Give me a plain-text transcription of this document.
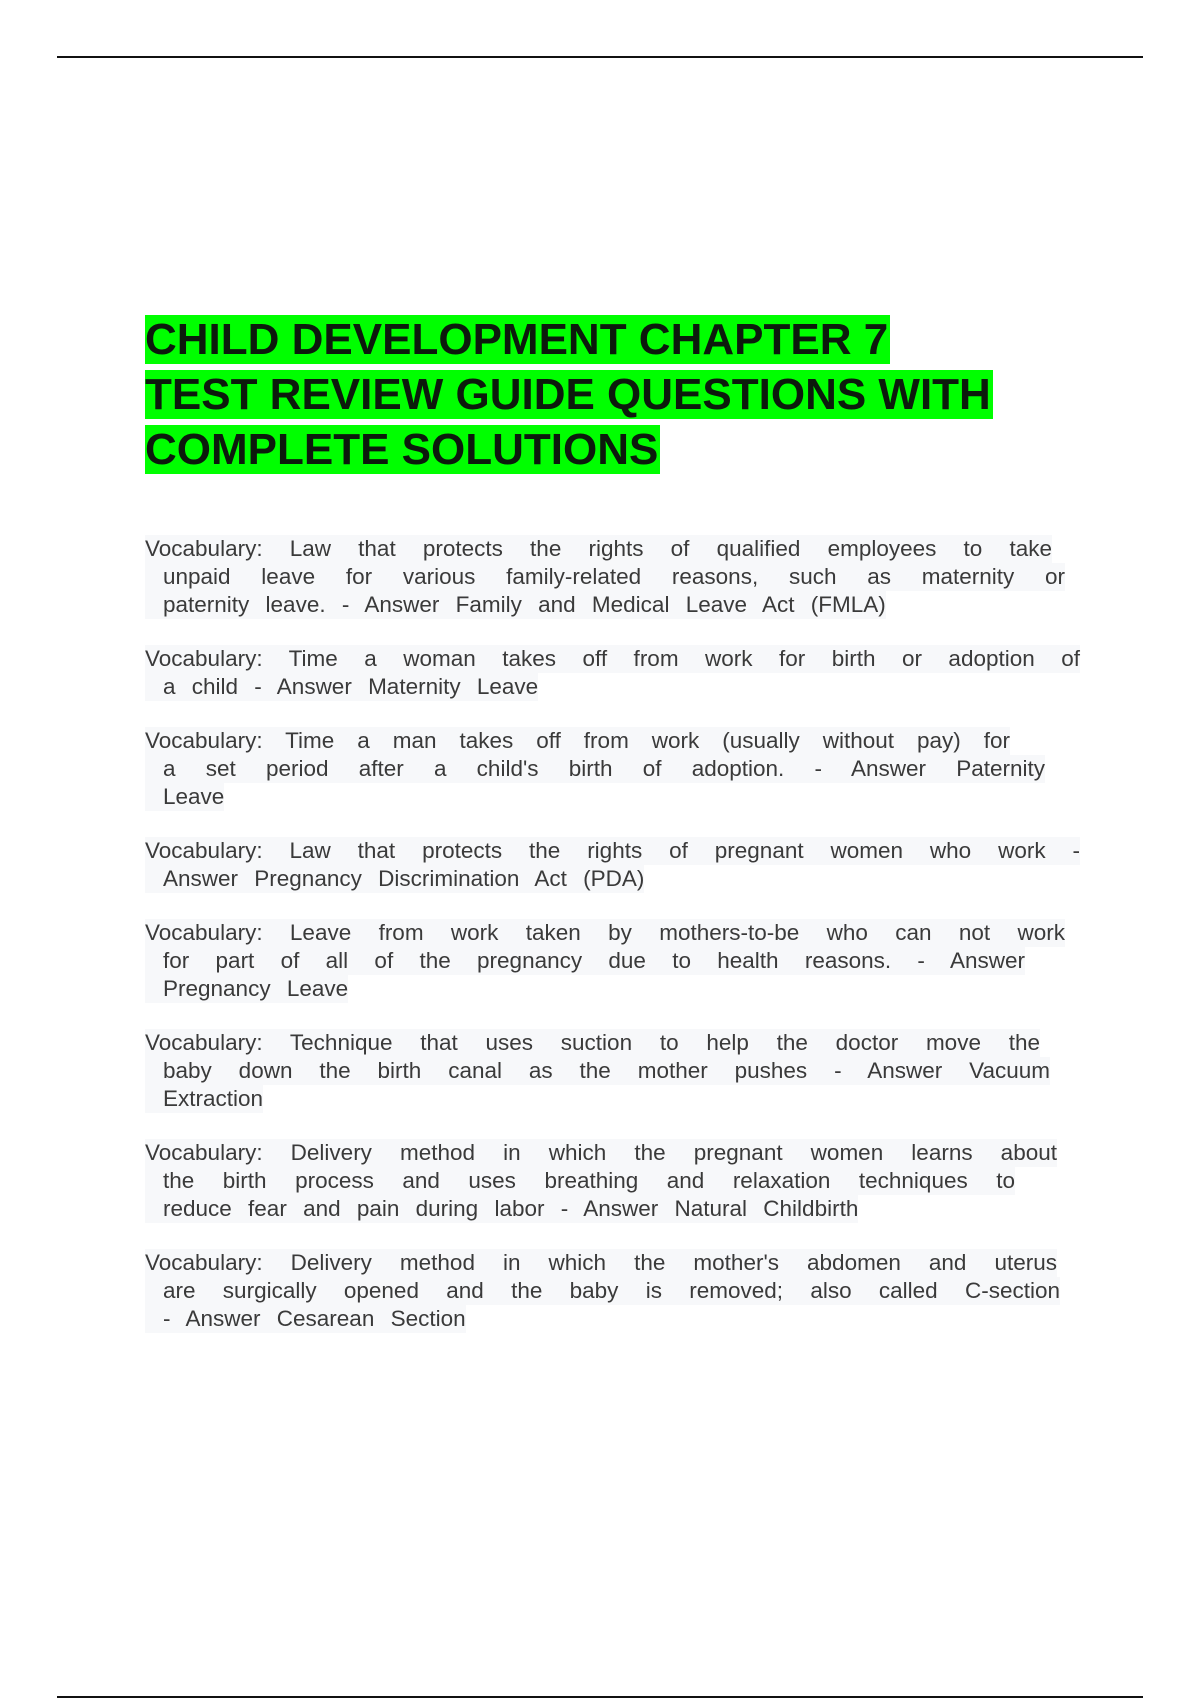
CHILD DEVELOPMENT CHAPTER 7
TEST REVIEW GUIDE QUESTIONS WITH
COMPLETE SOLUTIONS
Vocabulary: Law that protects the rights of qualified employees to take
unpaid leave for various family-related reasons, such as maternity or
paternity leave. - Answer Family and Medical Leave Act (FMLA)

Vocabulary: Time a woman takes off from work for birth or adoption of
a child - Answer Maternity Leave

Vocabulary: Time a man takes off from work (usually without pay) for
a set period after a child's birth of adoption. - Answer Paternity
Leave

Vocabulary: Law that protects the rights of pregnant women who work -
Answer Pregnancy Discrimination Act (PDA)

Vocabulary: Leave from work taken by mothers-to-be who can not work
for part of all of the pregnancy due to health reasons. - Answer
Pregnancy Leave

Vocabulary: Technique that uses suction to help the doctor move the
baby down the birth canal as the mother pushes - Answer Vacuum
Extraction

Vocabulary: Delivery method in which the pregnant women learns about
the birth process and uses breathing and relaxation techniques to
reduce fear and pain during labor - Answer Natural Childbirth

Vocabulary: Delivery method in which the mother's abdomen and uterus
are surgically opened and the baby is removed; also called C-section
- Answer Cesarean Section
